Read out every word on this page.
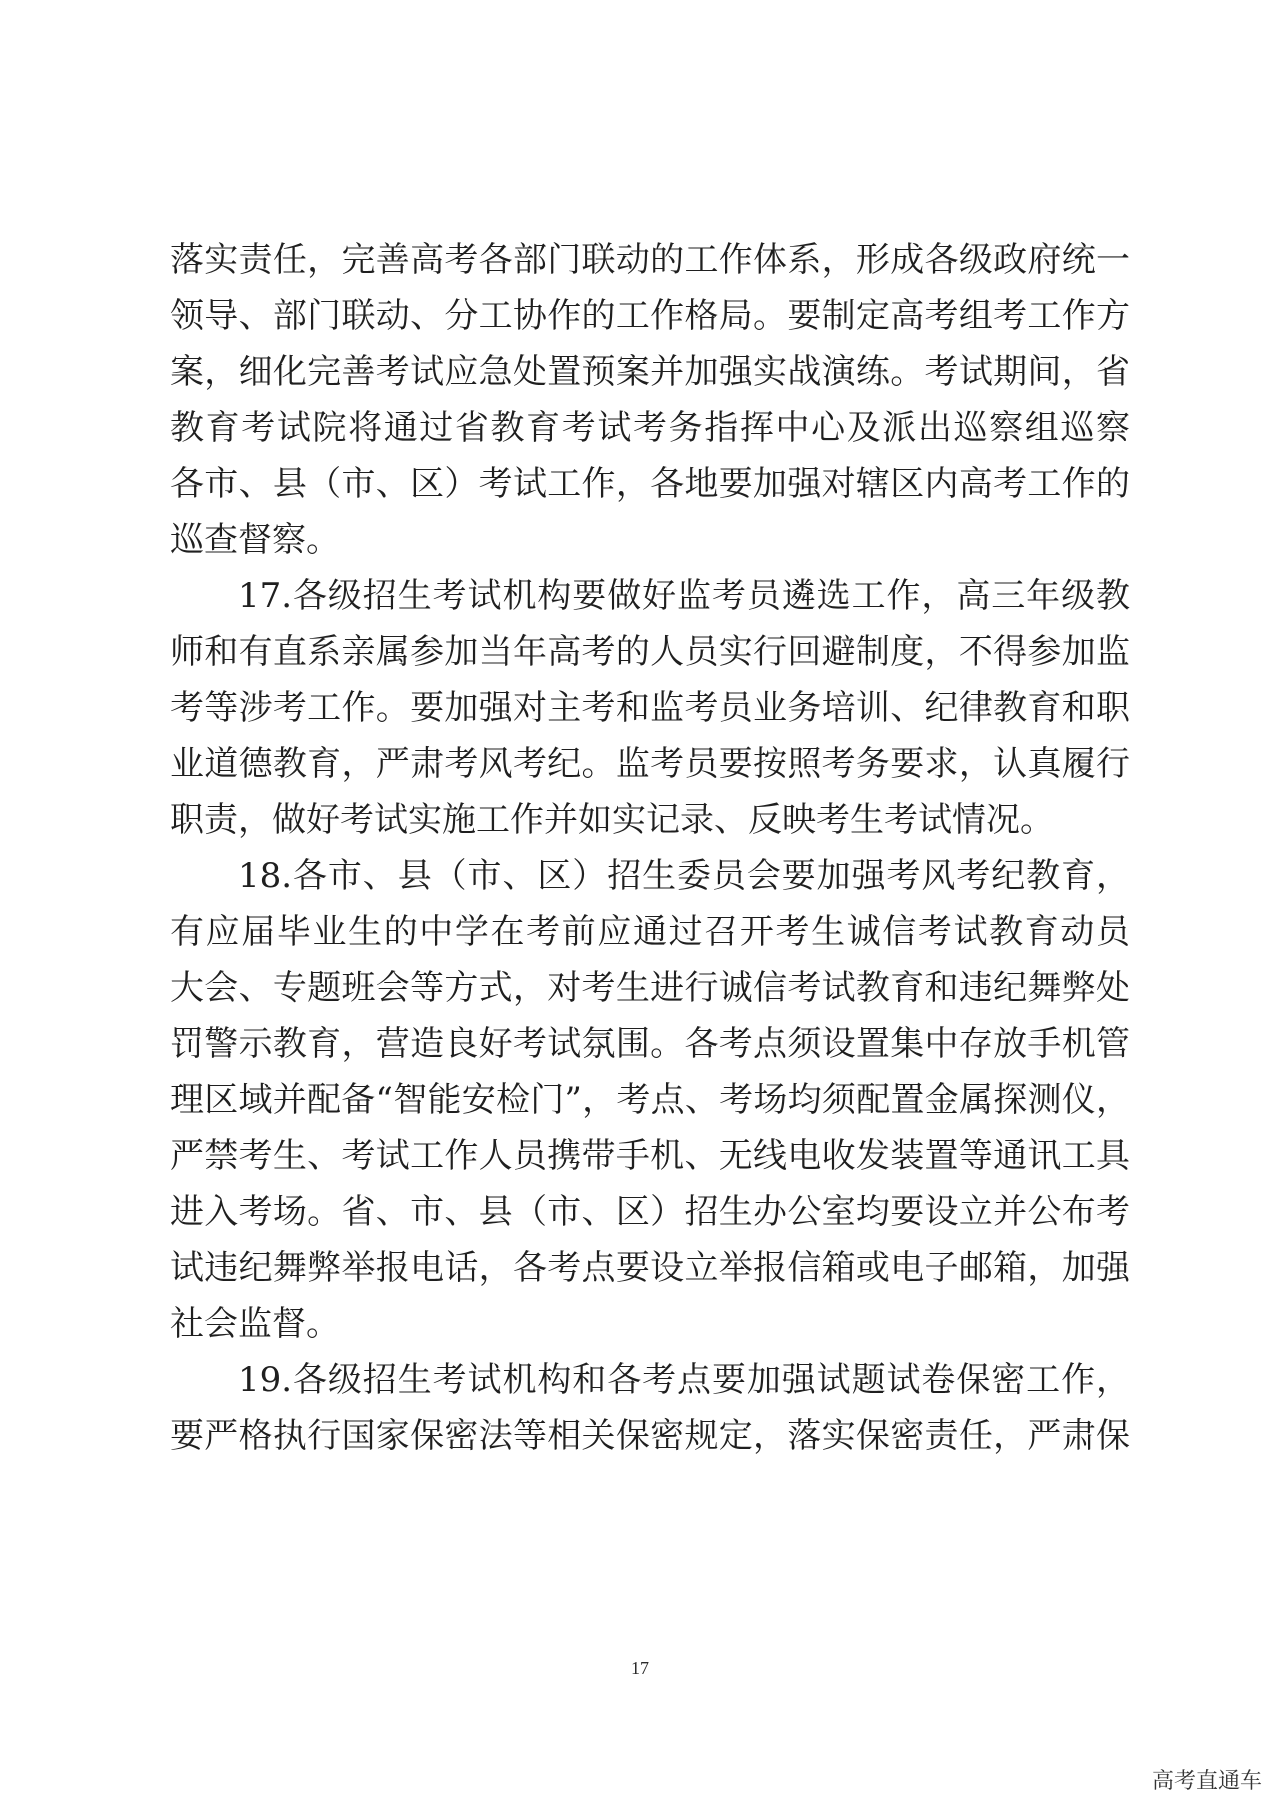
落实责任，完善高考各部门联动的工作体系，形成各级政府统一
领导、部门联动、分工协作的工作格局。要制定高考组考工作方
案，细化完善考试应急处置预案并加强实战演练。考试期间，省
教育考试院将通过省教育考试考务指挥中心及派出巡察组巡察
各市、县（市、区）考试工作，各地要加强对辖区内高考工作的
巡查督察。
17.各级招生考试机构要做好监考员遴选工作，高三年级教
师和有直系亲属参加当年高考的人员实行回避制度，不得参加监
考等涉考工作。要加强对主考和监考员业务培训、纪律教育和职
业道德教育，严肃考风考纪。监考员要按照考务要求，认真履行
职责，做好考试实施工作并如实记录、反映考生考试情况。
18.各市、县（市、区）招生委员会要加强考风考纪教育，
有应届毕业生的中学在考前应通过召开考生诚信考试教育动员
大会、专题班会等方式，对考生进行诚信考试教育和违纪舞弊处
罚警示教育，营造良好考试氛围。各考点须设置集中存放手机管
理区域并配备“智能安检门”，考点、考场均须配置金属探测仪，
严禁考生、考试工作人员携带手机、无线电收发装置等通讯工具
进入考场。省、市、县（市、区）招生办公室均要设立并公布考
试违纪舞弊举报电话，各考点要设立举报信箱或电子邮箱，加强
社会监督。
19.各级招生考试机构和各考点要加强试题试卷保密工作，
要严格执行国家保密法等相关保密规定，落实保密责任，严肃保
17
高考直通车
